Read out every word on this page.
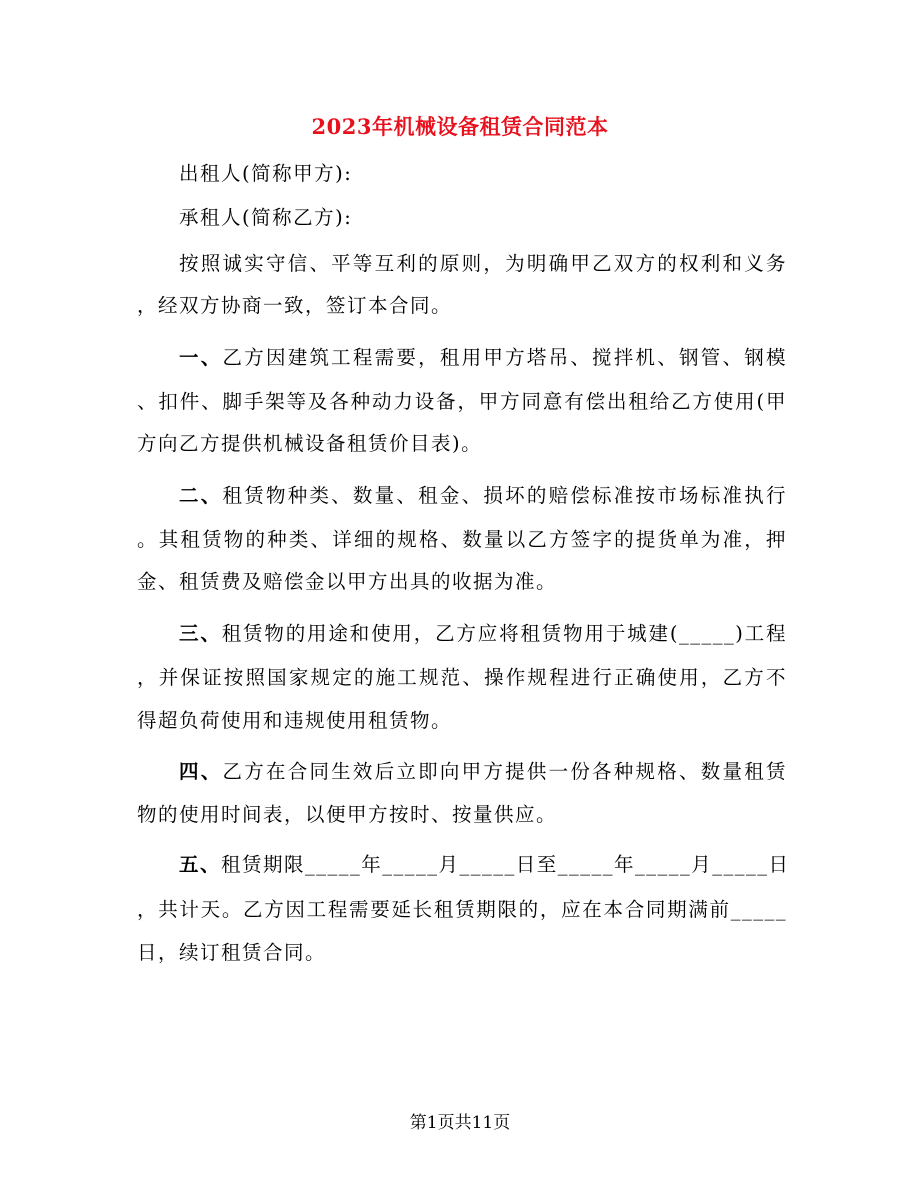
2023年机械设备租赁合同范本
出租人(简称甲方):
承租人(简称乙方):
按照诚实守信、平等互利的原则，为明确甲乙双方的权利和义务
，经双方协商一致，签订本合同。
一、乙方因建筑工程需要，租用甲方塔吊、搅拌机、钢管、钢模
、扣件、脚手架等及各种动力设备，甲方同意有偿出租给乙方使用(甲
方向乙方提供机械设备租赁价目表)。
二、租赁物种类、数量、租金、损坏的赔偿标准按市场标准执行
。其租赁物的种类、详细的规格、数量以乙方签字的提货单为准，押
金、租赁费及赔偿金以甲方出具的收据为准。
三、租赁物的用途和使用，乙方应将租赁物用于城建(_____)工程
，并保证按照国家规定的施工规范、操作规程进行正确使用，乙方不
得超负荷使用和违规使用租赁物。
四、乙方在合同生效后立即向甲方提供一份各种规格、数量租赁
物的使用时间表，以便甲方按时、按量供应。
五、租赁期限_____年_____月_____日至_____年_____月_____日
，共计天。乙方因工程需要延长租赁期限的，应在本合同期满前_____
日，续订租赁合同。
第1页共11页
